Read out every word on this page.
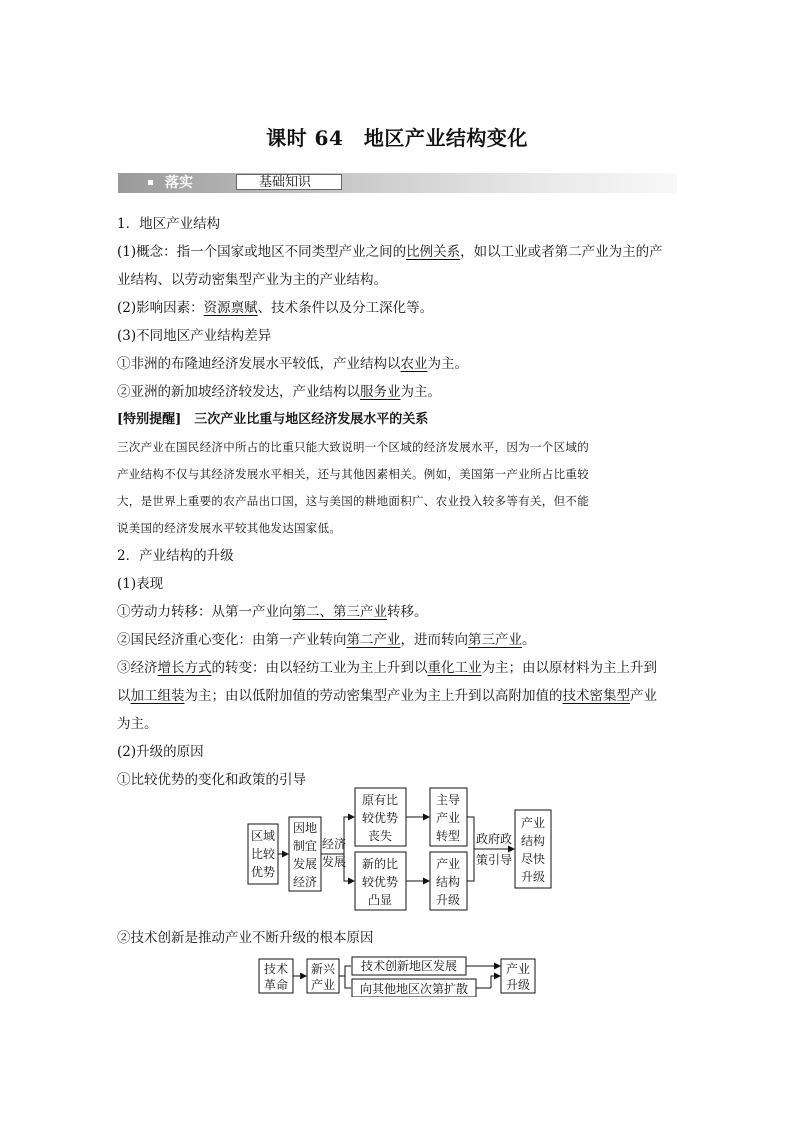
课时 64　地区产业结构变化
落实	基础知识

1．地区产业结构

(1)概念：指一个国家或地区不同类型产业之间的比例关系，如以工业或者第二产业为主的产

业结构、以劳动密集型产业为主的产业结构。

(2)影响因素：资源禀赋、技术条件以及分工深化等。

(3)不同地区产业结构差异

①非洲的布隆迪经济发展水平较低，产业结构以农业为主。

②亚洲的新加坡经济较发达，产业结构以服务业为主。

[特别提醒]　三次产业比重与地区经济发展水平的关系

三次产业在国民经济中所占的比重只能大致说明一个区域的经济发展水平，因为一个区域的

产业结构不仅与其经济发展水平相关，还与其他因素相关。例如，美国第一产业所占比重较

大，是世界上重要的农产品出口国，这与美国的耕地面积广、农业投入较多等有关，但不能

说美国的经济发展水平较其他发达国家低。

2．产业结构的升级

(1)表现

①劳动力转移：从第一产业向第二、第三产业转移。

②国民经济重心变化：由第一产业转向第二产业，进而转向第三产业。

③经济增长方式的转变：由以轻纺工业为主上升到以重化工业为主；由以原材料为主上升到

以加工组装为主；由以低附加值的劳动密集型产业为主上升到以高附加值的技术密集型产业

为主。

(2)升级的原因

①比较优势的变化和政策的引导

区域
比较
优势
因地
制宜
发展
经济
经济
发展
原有比
较优势
丧失
新的比
较优势
凸显
主导
产业
转型
产业
结构
升级
政府政
策引导
产业
结构
尽快
升级

②技术创新是推动产业不断升级的根本原因

技术
革命
新兴
产业
技术创新地区发展
向其他地区次第扩散
产业
升级
